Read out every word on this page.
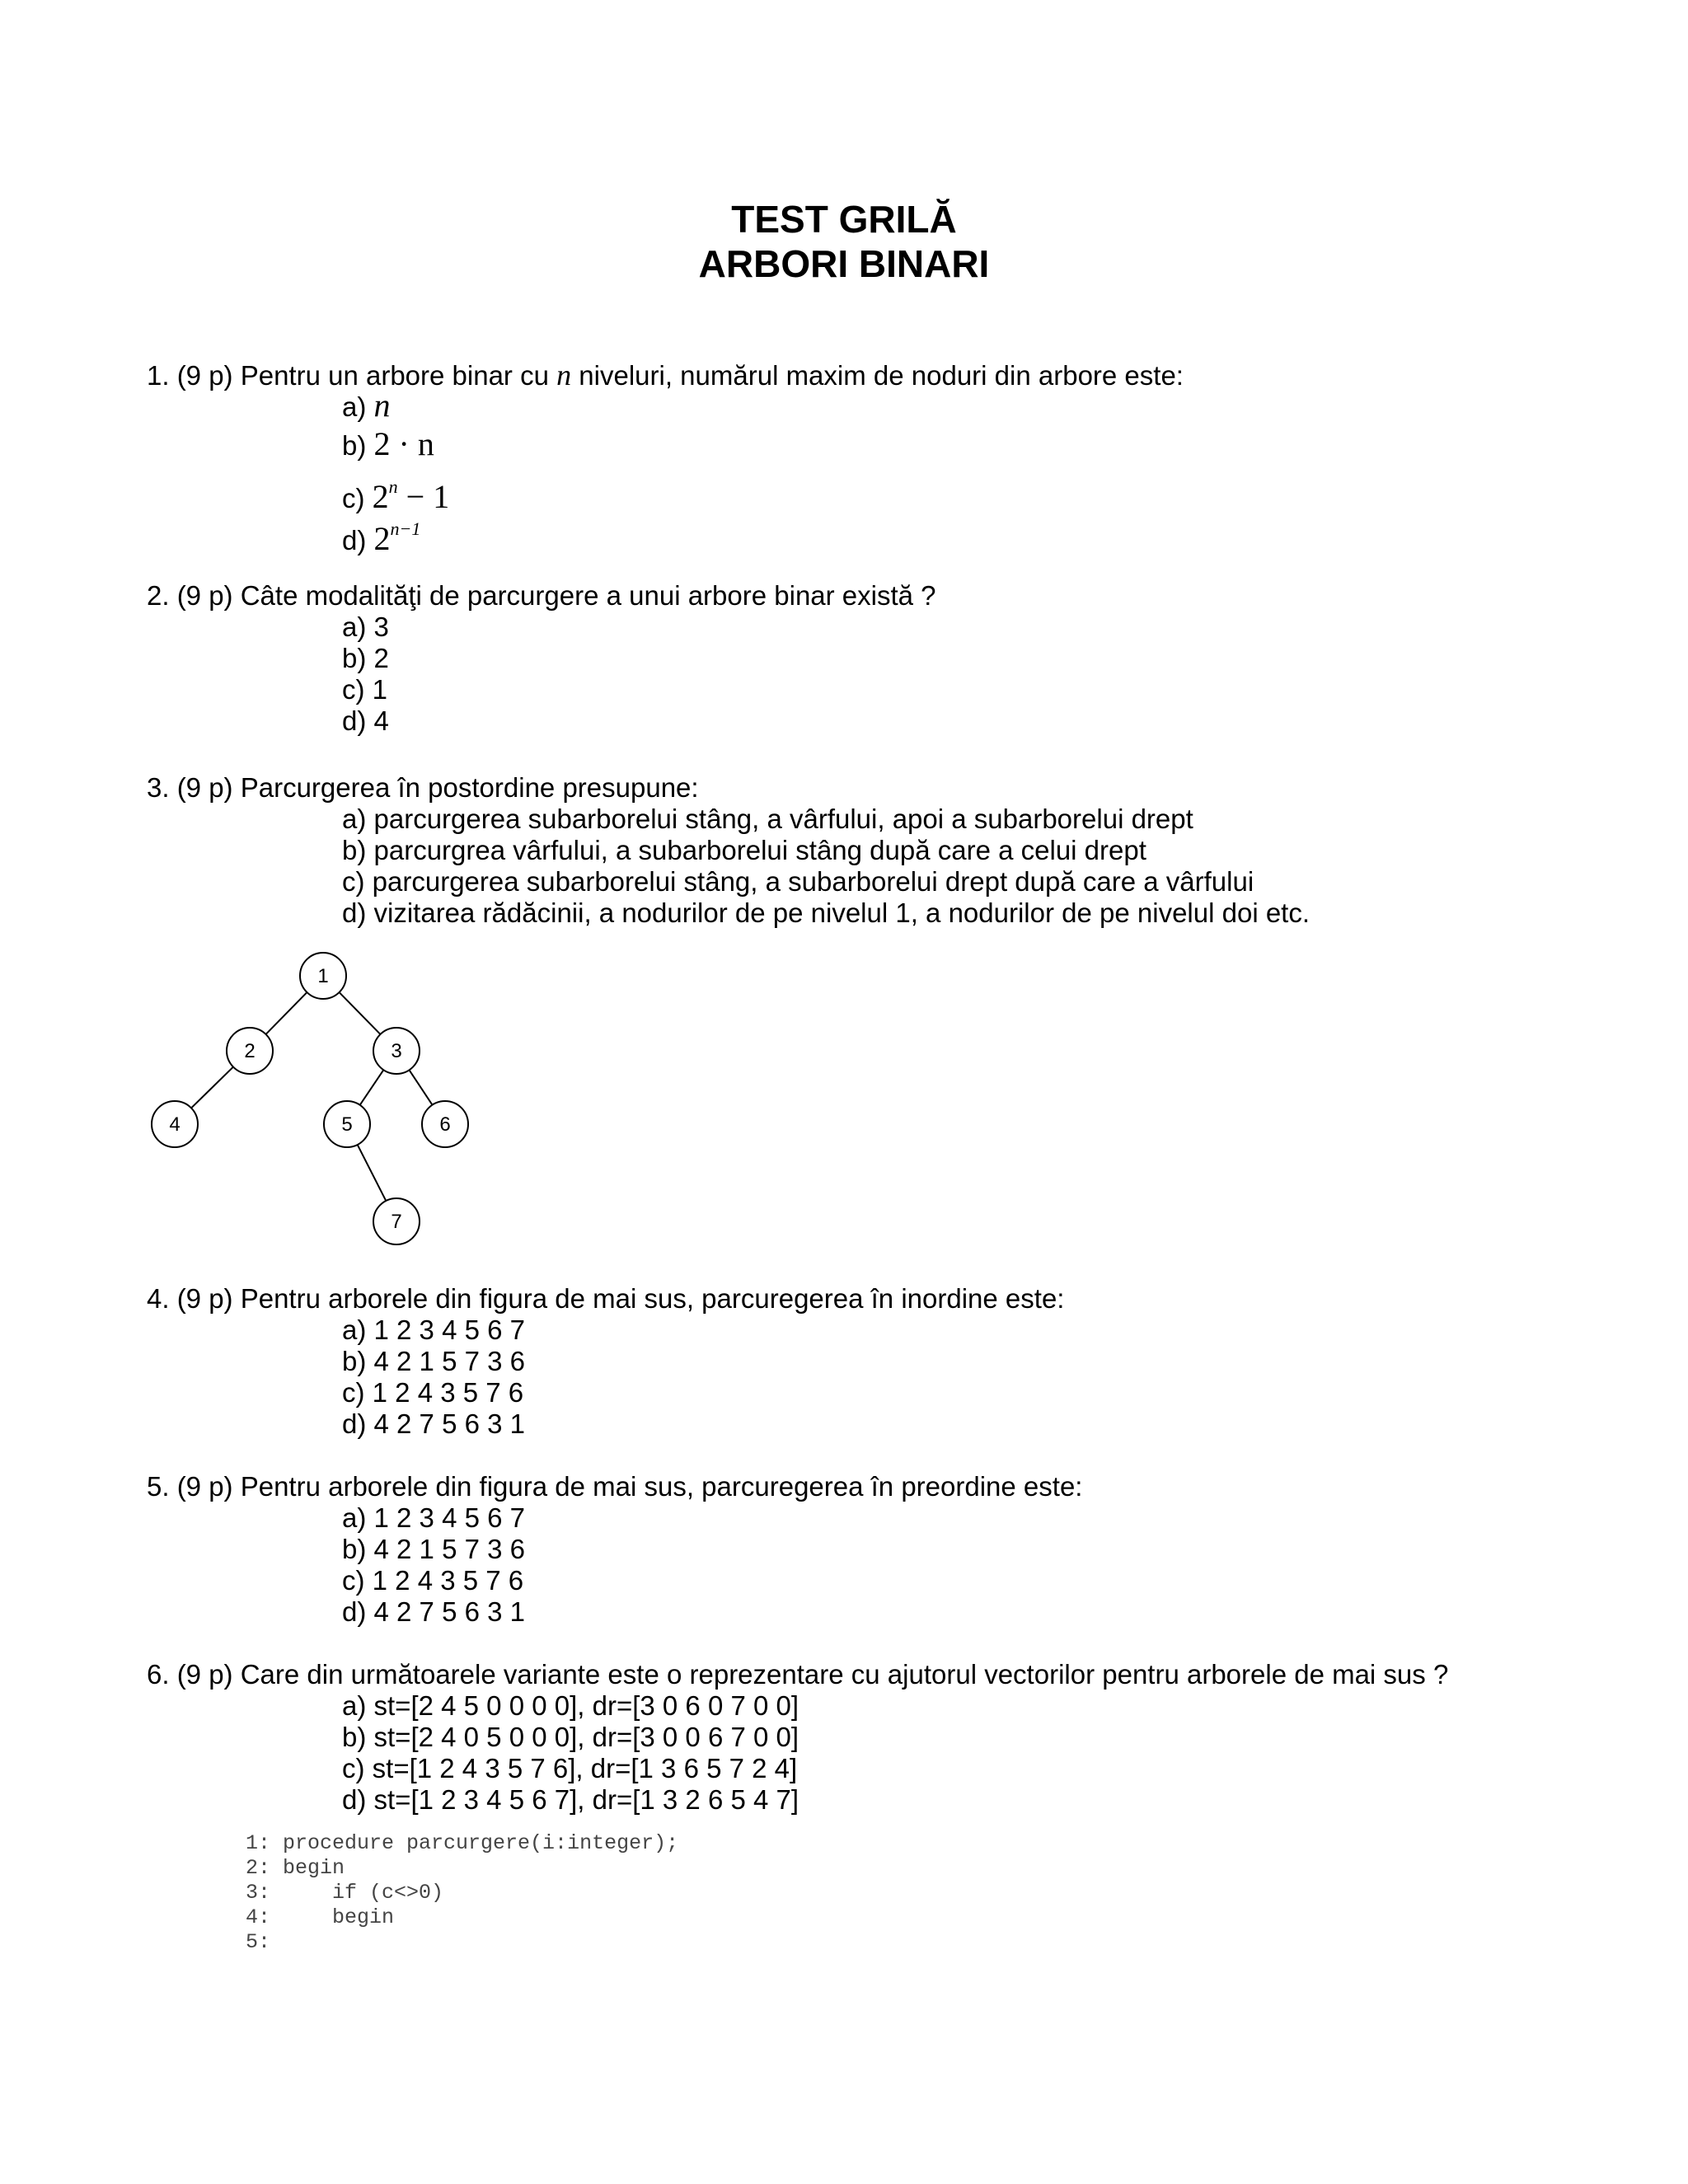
TEST GRILĂ
ARBORI BINARI
1. (9 p) Pentru un arbore binar cu n niveluri, numărul maxim de noduri din arbore este:
a) n
b) 2 · n
c) $2^n - 1$
d) $2^{n-1}$
2. (9 p) Câte modalităţi de parcurgere a unui arbore binar există ?
a) 3
b) 2
c) 1
d) 4
3. (9 p) Parcurgerea în postordine presupune:
a) parcurgerea subarborelui stâng, a vârfului, apoi a subarborelui drept
b) parcurgrea vârfului, a subarborelui stâng după care a celui drept
c) parcurgerea subarborelui stâng, a subarborelui drept după care a vârfului
d) vizitarea rădăcinii, a nodurilor de pe nivelul 1, a nodurilor de pe nivelul doi etc.
1
2	3
4	5	6
7
4. (9 p) Pentru arborele din figura de mai sus, parcuregerea în inordine este:
a) 1 2 3 4 5 6 7
b) 4 2 1 5 7 3 6
c) 1 2 4 3 5 7 6
d) 4 2 7 5 6 3 1
5. (9 p) Pentru arborele din figura de mai sus, parcuregerea în preordine este:
a) 1 2 3 4 5 6 7
b) 4 2 1 5 7 3 6
c) 1 2 4 3 5 7 6
d) 4 2 7 5 6 3 1
6. (9 p) Care din următoarele variante este o reprezentare cu ajutorul vectorilor pentru arborele de mai sus ?
a) st=[2 4 5 0 0 0 0], dr=[3 0 6 0 7 0 0]
b) st=[2 4 0 5 0 0 0], dr=[3 0 0 6 7 0 0]
c) st=[1 2 4 3 5 7 6], dr=[1 3 6 5 7 2 4]
d) st=[1 2 3 4 5 6 7], dr=[1 3 2 6 5 4 7]
1: procedure parcurgere(i:integer);
2: begin
3:     if (c<>0)
4:     begin
5:
